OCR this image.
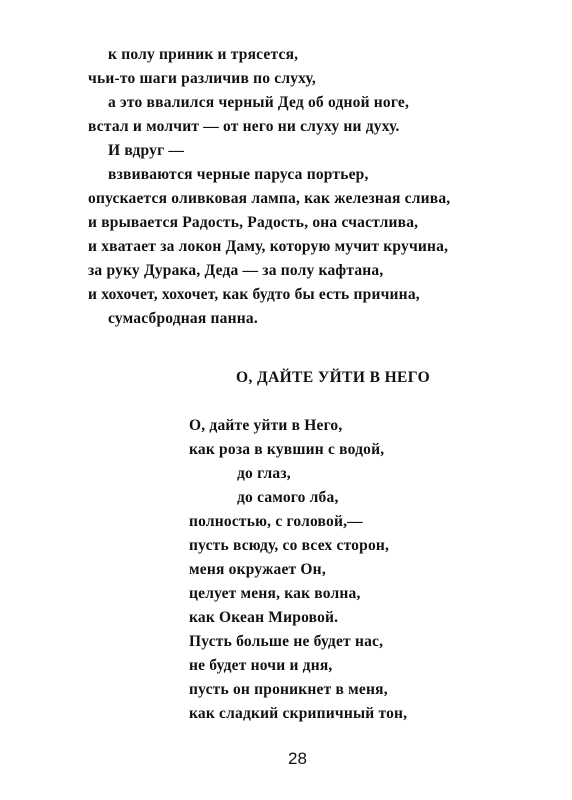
к полу приник и трясется,
чьи-то шаги различив по слуху,
а это ввалился черный Дед об одной ноге,
встал и молчит — от него ни слуху ни духу.
И вдруг —
взвиваются черные паруса портьер,
опускается оливковая лампа, как железная слива,
и врывается Радость, Радость, она счастлива,
и хватает за локон Даму, которую мучит кручина,
за руку Дурака, Деда — за полу кафтана,
и хохочет, хохочет, как будто бы есть причина,
сумасбродная панна.
О, ДАЙТЕ УЙТИ В НЕГО
О, дайте уйти в Него,
как роза в кувшин с водой,
до глаз,
до самого лба,
полностью, с головой,—
пусть всюду, со всех сторон,
меня окружает Он,
целует меня, как волна,
как Океан Мировой.
Пусть больше не будет нас,
не будет ночи и дня,
пусть он проникнет в меня,
как сладкий скрипичный тон,
28
